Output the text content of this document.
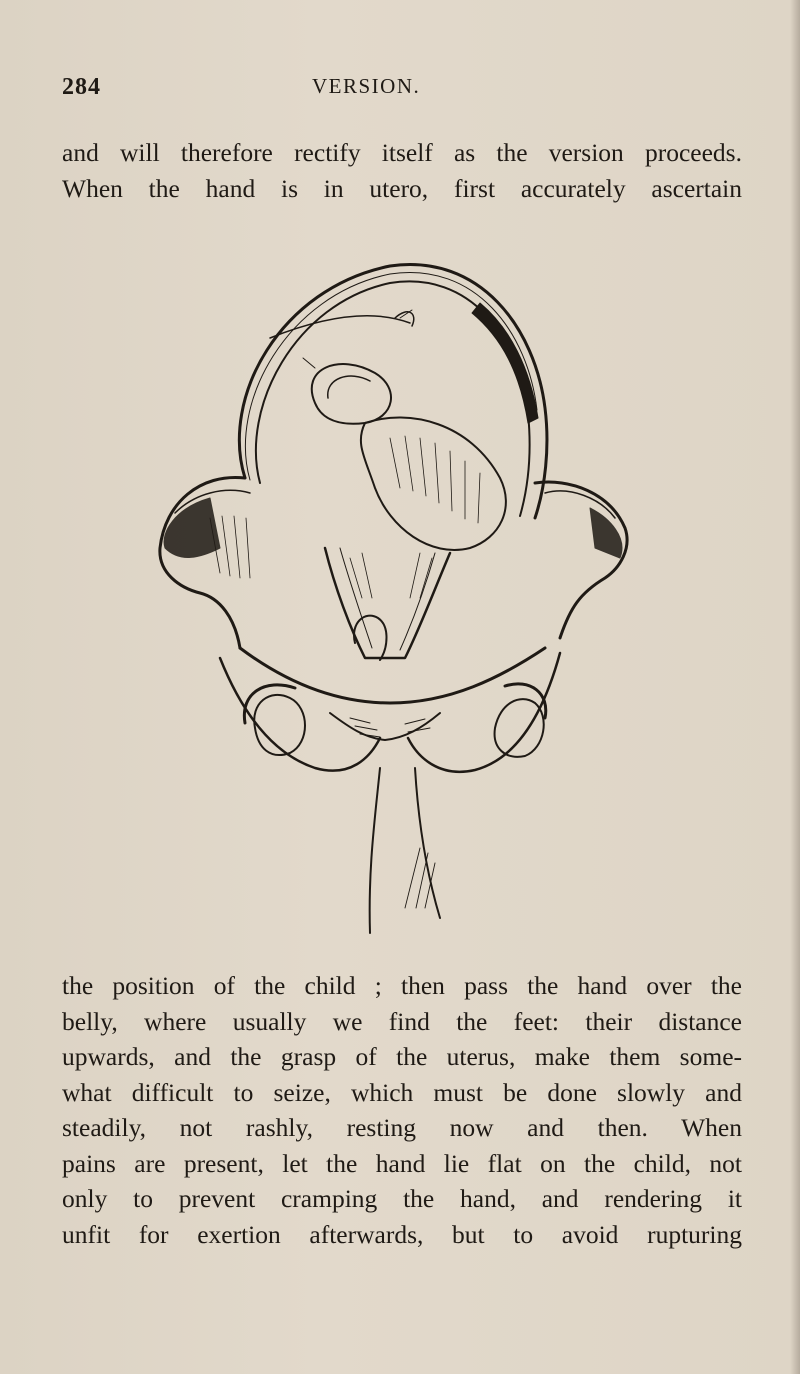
284	VERSION.
and will therefore rectify itself as the version proceeds.
When the hand is in utero, first accurately ascertain
the position of the child ; then pass the hand over the
belly, where usually we find the feet: their distance
upwards, and the grasp of the uterus, make them some-
what difficult to seize, which must be done slowly and
steadily, not rashly, resting now and then. When
pains are present, let the hand lie flat on the child, not
only to prevent cramping the hand, and rendering it
unfit for exertion afterwards, but to avoid rupturing
